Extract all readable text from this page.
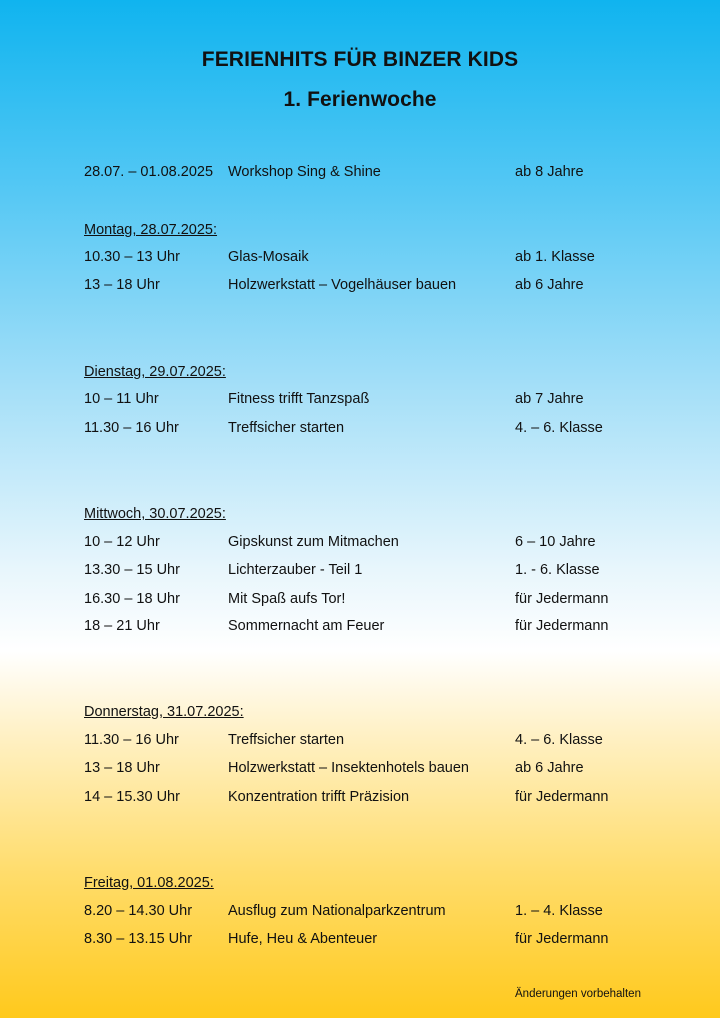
FERIENHITS FÜR BINZER KIDS
1. Ferienwoche
28.07. – 01.08.2025 Workshop Sing & Shine	ab 8 Jahre
Montag, 28.07.2025:
10.30 – 13 Uhr	Glas-Mosaik	ab 1. Klasse
13 – 18 Uhr	Holzwerkstatt – Vogelhäuser bauen	ab 6 Jahre
Dienstag, 29.07.2025:
10 – 11 Uhr	Fitness trifft Tanzspaß	ab 7 Jahre
11.30 – 16 Uhr	Treffsicher starten	4. – 6. Klasse
Mittwoch, 30.07.2025:
10 – 12 Uhr	Gipskunst zum Mitmachen	6 – 10 Jahre
13.30 – 15 Uhr	Lichterzauber - Teil 1	1. - 6. Klasse
16.30 – 18 Uhr	Mit Spaß aufs Tor!	für Jedermann
18 – 21 Uhr	Sommernacht am Feuer	für Jedermann
Donnerstag, 31.07.2025:
11.30 – 16 Uhr	Treffsicher starten	4. – 6. Klasse
13 – 18 Uhr	Holzwerkstatt – Insektenhotels bauen	ab 6 Jahre
14 – 15.30 Uhr	Konzentration trifft Präzision	für Jedermann
Freitag, 01.08.2025:
8.20 – 14.30 Uhr Ausflug zum Nationalparkzentrum	1. – 4. Klasse
8.30 – 13.15 Uhr Hufe, Heu & Abenteuer	für Jedermann
Änderungen vorbehalten
